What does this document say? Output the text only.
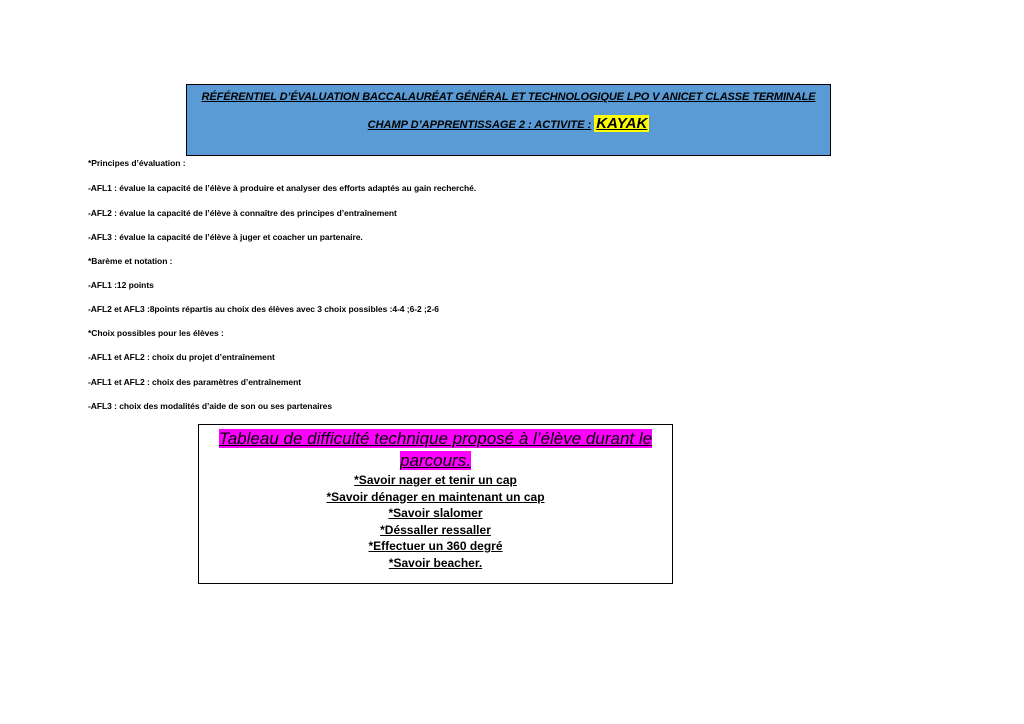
RÉFÉRENTIEL D’ÉVALUATION BACCALAURÉAT GÉNÉRAL ET TECHNOLOGIQUE LPO V ANICET CLASSE TERMINALE
CHAMP D’APPRENTISSAGE 2 : ACTIVITE : KAYAK
*Principes d’évaluation :
-AFL1 : évalue la capacité de l’élève à produire et analyser des efforts adaptés au gain recherché.
-AFL2 : évalue la capacité de l’élève à connaître des principes d’entraînement
-AFL3 : évalue la capacité de l’élève à juger et coacher un partenaire.
*Barème et notation :
-AFL1 :12 points
-AFL2 et AFL3 :8points répartis au choix des élèves avec 3 choix possibles :4-4 ;6-2 ;2-6
*Choix possibles pour les élèves :
-AFL1 et AFL2 : choix du projet d’entraînement
-AFL1 et AFL2 : choix des paramètres d’entraînement
-AFL3 : choix des modalités d’aide de son ou ses partenaires
Tableau de difficulté technique proposé à l’élève durant le parcours.
*Savoir nager et tenir un cap
*Savoir dénager en maintenant un cap
*Savoir slalomer
*Déssaller ressaller
*Effectuer un 360 degré
*Savoir beacher.
